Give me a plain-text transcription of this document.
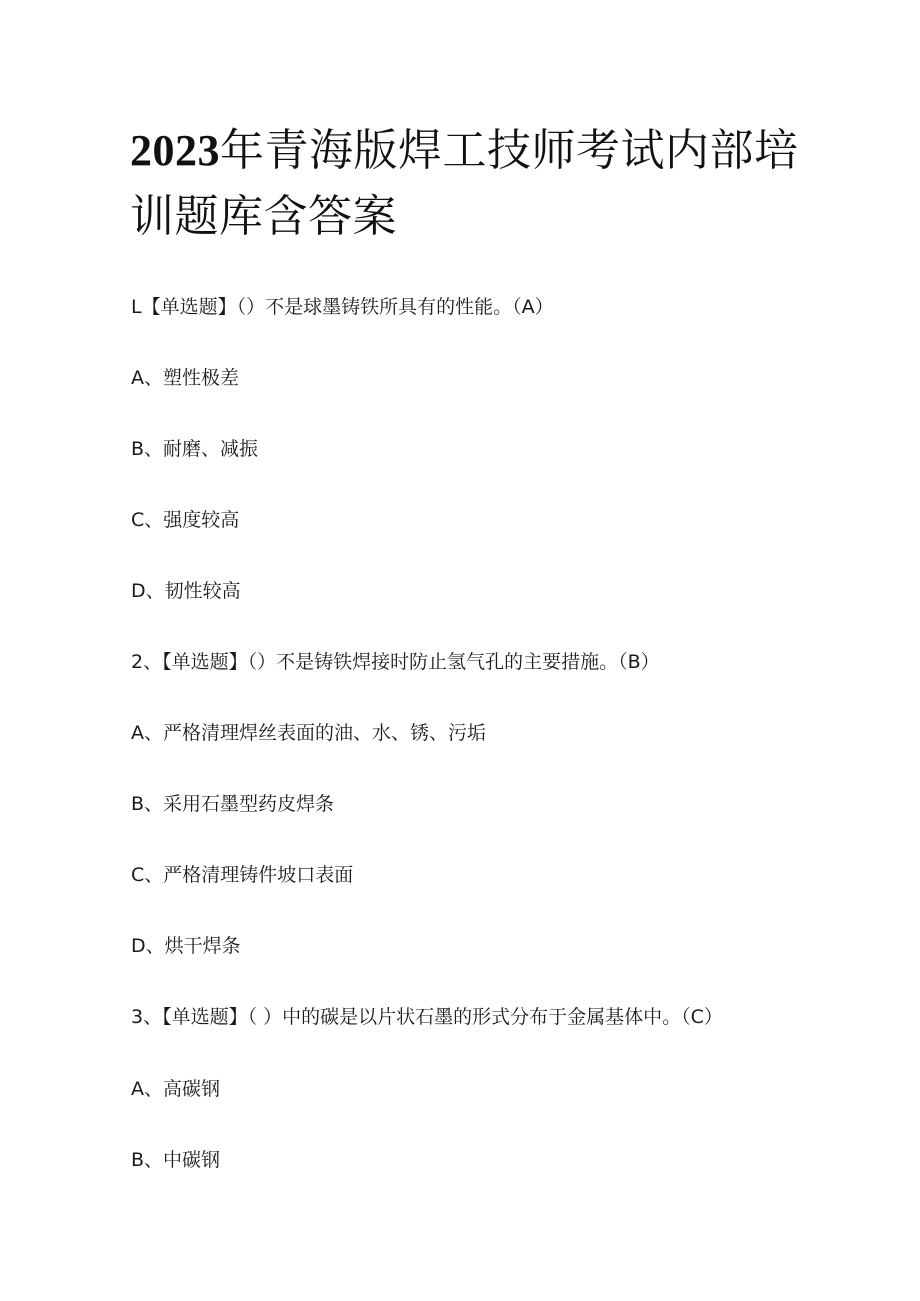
2023年青海版焊工技师考试内部培训题库含答案

L【单选题】（）不是球墨铸铁所具有的性能。（A）

A、塑性极差

B、耐磨、减振

C、强度较高

D、韧性较高

2、【单选题】（）不是铸铁焊接时防止氢气孔的主要措施。（B）

A、严格清理焊丝表面的油、水、锈、污垢

B、采用石墨型药皮焊条

C、严格清理铸件坡口表面

D、烘干焊条

3、【单选题】（ ）中的碳是以片状石墨的形式分布于金属基体中。（C）

A、高碳钢

B、中碳钢
